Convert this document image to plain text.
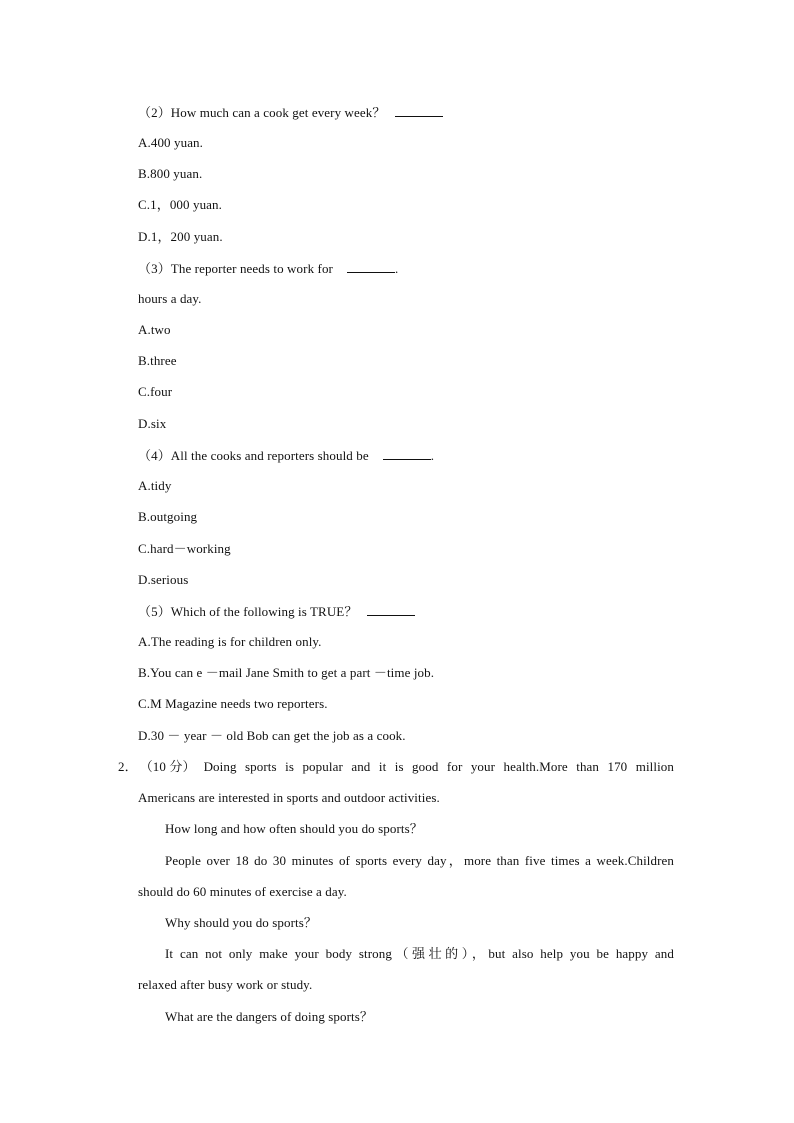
（2）How much can a cook get every week？
A.400 yuan.
B.800 yuan.
C.1，000 yuan.
D.1，200 yuan.
（3）The reporter needs to work for	.
hours a day.
A.two
B.three
C.four
D.six
（4）All the cooks and reporters should be	.
A.tidy
B.outgoing
C.hard－working
D.serious
（5）Which of the following is TRUE？
A.The reading is for children only.
B.You can e －mail Jane Smith to get a part －time job.
C.M Magazine needs two reporters.
D.30 － year － old Bob can get the job as a cook.
2． （10 分） Doing sports is popular and it is good for your health.More than 170 million
Americans are interested in sports and outdoor activities.
How long and how often should you do sports？
People over 18 do 30 minutes of sports every day，more than five times a week.Children
should do 60 minutes of exercise a day.
Why should you do sports？
It can not only make your body strong（强壮的），but also help you be happy and
relaxed after busy work or study.
What are the dangers of doing sports？
